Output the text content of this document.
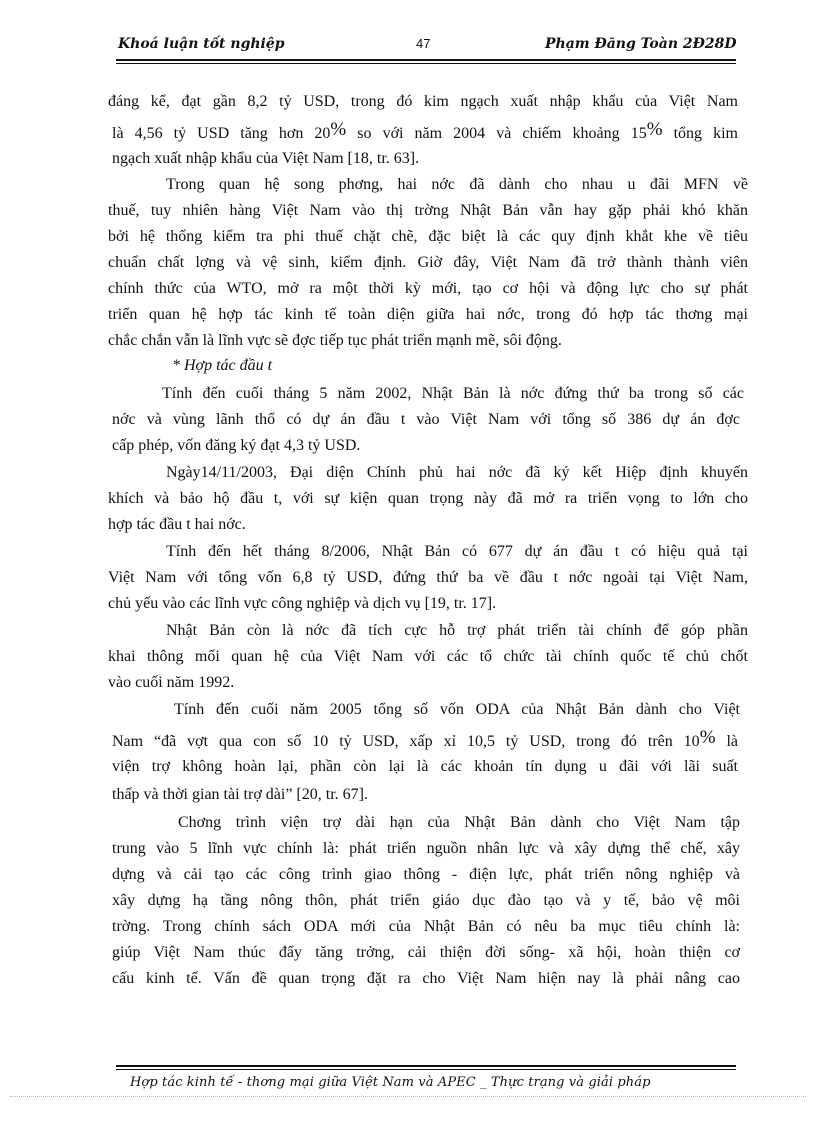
Khoá luận tốt nghiệp	47	Phạm Đăng Toàn 2Đ28D
đáng kể, đạt gần 8,2 tỷ USD, trong đó kim ngạch xuất nhập khẩu của Việt Nam
là 4,56 tỷ USD tăng hơn 20% so với năm 2004 và chiếm khoảng 15% tổng kim
ngạch xuất nhập khẩu của Việt Nam [18, tr. 63].
Trong quan hệ song phơng, hai nớc đã dành cho nhau u đãi MFN về
thuế, tuy nhiên hàng Việt Nam vào thị trờng Nhật Bản vẫn hay gặp phải khó khăn
bởi hệ thống kiểm tra phi thuế chặt chẽ, đặc biệt là các quy định khắt khe về tiêu
chuẩn chất lợng và vệ sinh, kiểm định. Giờ đây, Việt Nam đã trở thành thành viên
chính thức của WTO, mở ra một thời kỳ mới, tạo cơ hội và động lực cho sự phát
triển quan hệ hợp tác kinh tế toàn diện giữa hai nớc, trong đó hợp tác thơng mại
chắc chắn vẫn là lĩnh vực sẽ đợc tiếp tục phát triển mạnh mẽ, sôi động.
* Hợp tác đầu t
Tính đến cuối tháng 5 năm 2002, Nhật Bản là nớc đứng thứ ba trong số các
nớc và vùng lãnh thổ có dự án đầu t vào Việt Nam với tổng số 386 dự án đợc
cấp phép, vốn đăng ký đạt 4,3 tỷ USD.
Ngày14/11/2003, Đại diện Chính phủ hai nớc đã ký kết Hiệp định khuyến
khích và bảo hộ đầu t, với sự kiện quan trọng này đã mở ra triển vọng to lớn cho
hợp tác đầu t hai nớc.
Tính đến hết tháng 8/2006, Nhật Bản có 677 dự án đầu t có hiệu quả tại
Việt Nam với tổng vốn 6,8 tỷ USD, đứng thứ ba về đầu t nớc ngoài tại Việt Nam,
chủ yếu vào các lĩnh vực công nghiệp và dịch vụ [19, tr. 17].
Nhật Bản còn là nớc đã tích cực hỗ trợ phát triển tài chính để góp phần
khai thông mối quan hệ của Việt Nam với các tổ chức tài chính quốc tế chủ chốt
vào cuối năm 1992.
Tính đến cuối năm 2005 tổng số vốn ODA của Nhật Bản dành cho Việt
Nam “đã vợt qua con số 10 tỷ USD, xấp xỉ 10,5 tỷ USD, trong đó trên 10% là
viện trợ không hoàn lại, phần còn lại là các khoản tín dụng u đãi với lãi suất
thấp và thời gian tài trợ dài” [20, tr. 67].
Chơng trình viện trợ dài hạn của Nhật Bản dành cho Việt Nam tập
trung vào 5 lĩnh vực chính là: phát triển nguồn nhân lực và xây dựng thể chế, xây
dựng và cải tạo các công trình giao thông - điện lực, phát triển nông nghiệp và
xây dựng hạ tầng nông thôn, phát triển giáo dục đào tạo và y tế, bảo vệ môi
trờng. Trong chính sách ODA mới của Nhật Bản có nêu ba mục tiêu chính là:
giúp Việt Nam thúc đẩy tăng trởng, cải thiện đời sống- xã hội, hoàn thiện cơ
cấu kinh tế. Vấn đề quan trọng đặt ra cho Việt Nam hiện nay là phải nâng cao
Hợp tác kinh tế - thơng mại giữa Việt Nam và APEC _ Thực trạng và giải pháp
